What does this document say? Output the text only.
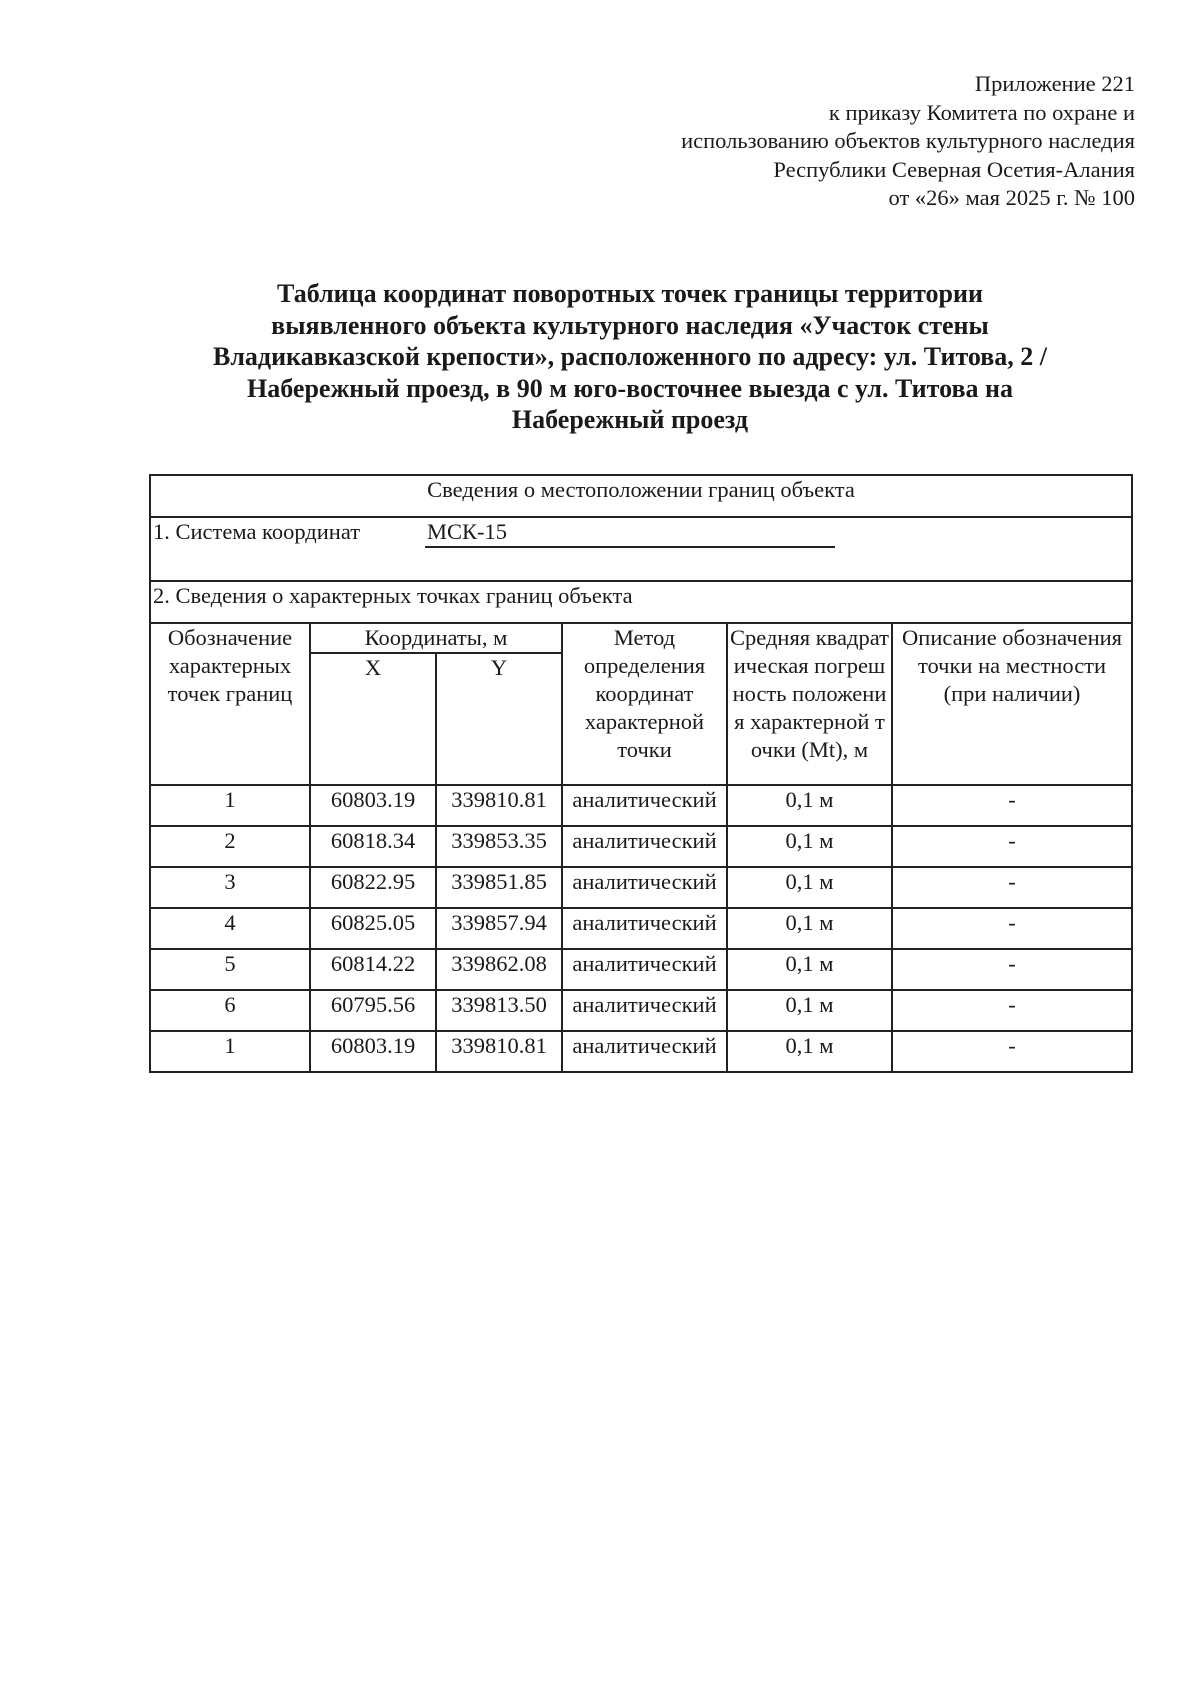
Приложение 221
к приказу Комитета по охране и
использованию объектов культурного наследия
Республики Северная Осетия-Алания
от «26» мая 2025 г. № 100
Таблица координат поворотных точек границы территории
выявленного объекта культурного наследия «Участок стены
Владикавказской крепости», расположенного по адресу: ул. Титова, 2 /
Набережный проезд, в 90 м юго-восточнее выезда с ул. Титова на
Набережный проезд
Сведения о местоположении границ объекта					
1. Система координат МСК-15					
2. Сведения о характерных точках границ объекта					
Обозначение характерных точек границ	Координаты, м		Метод определения координат характерной точки	Средняя квадратическая погрешность положения характерной точки (Mt), м	Описание обозначения точки на местности (при наличии)
	X	Y			
1	60803.19	339810.81	аналитический	0,1 м	-
2	60818.34	339853.35	аналитический	0,1 м	-
3	60822.95	339851.85	аналитический	0,1 м	-
4	60825.05	339857.94	аналитический	0,1 м	-
5	60814.22	339862.08	аналитический	0,1 м	-
6	60795.56	339813.50	аналитический	0,1 м	-
1	60803.19	339810.81	аналитический	0,1 м	-
